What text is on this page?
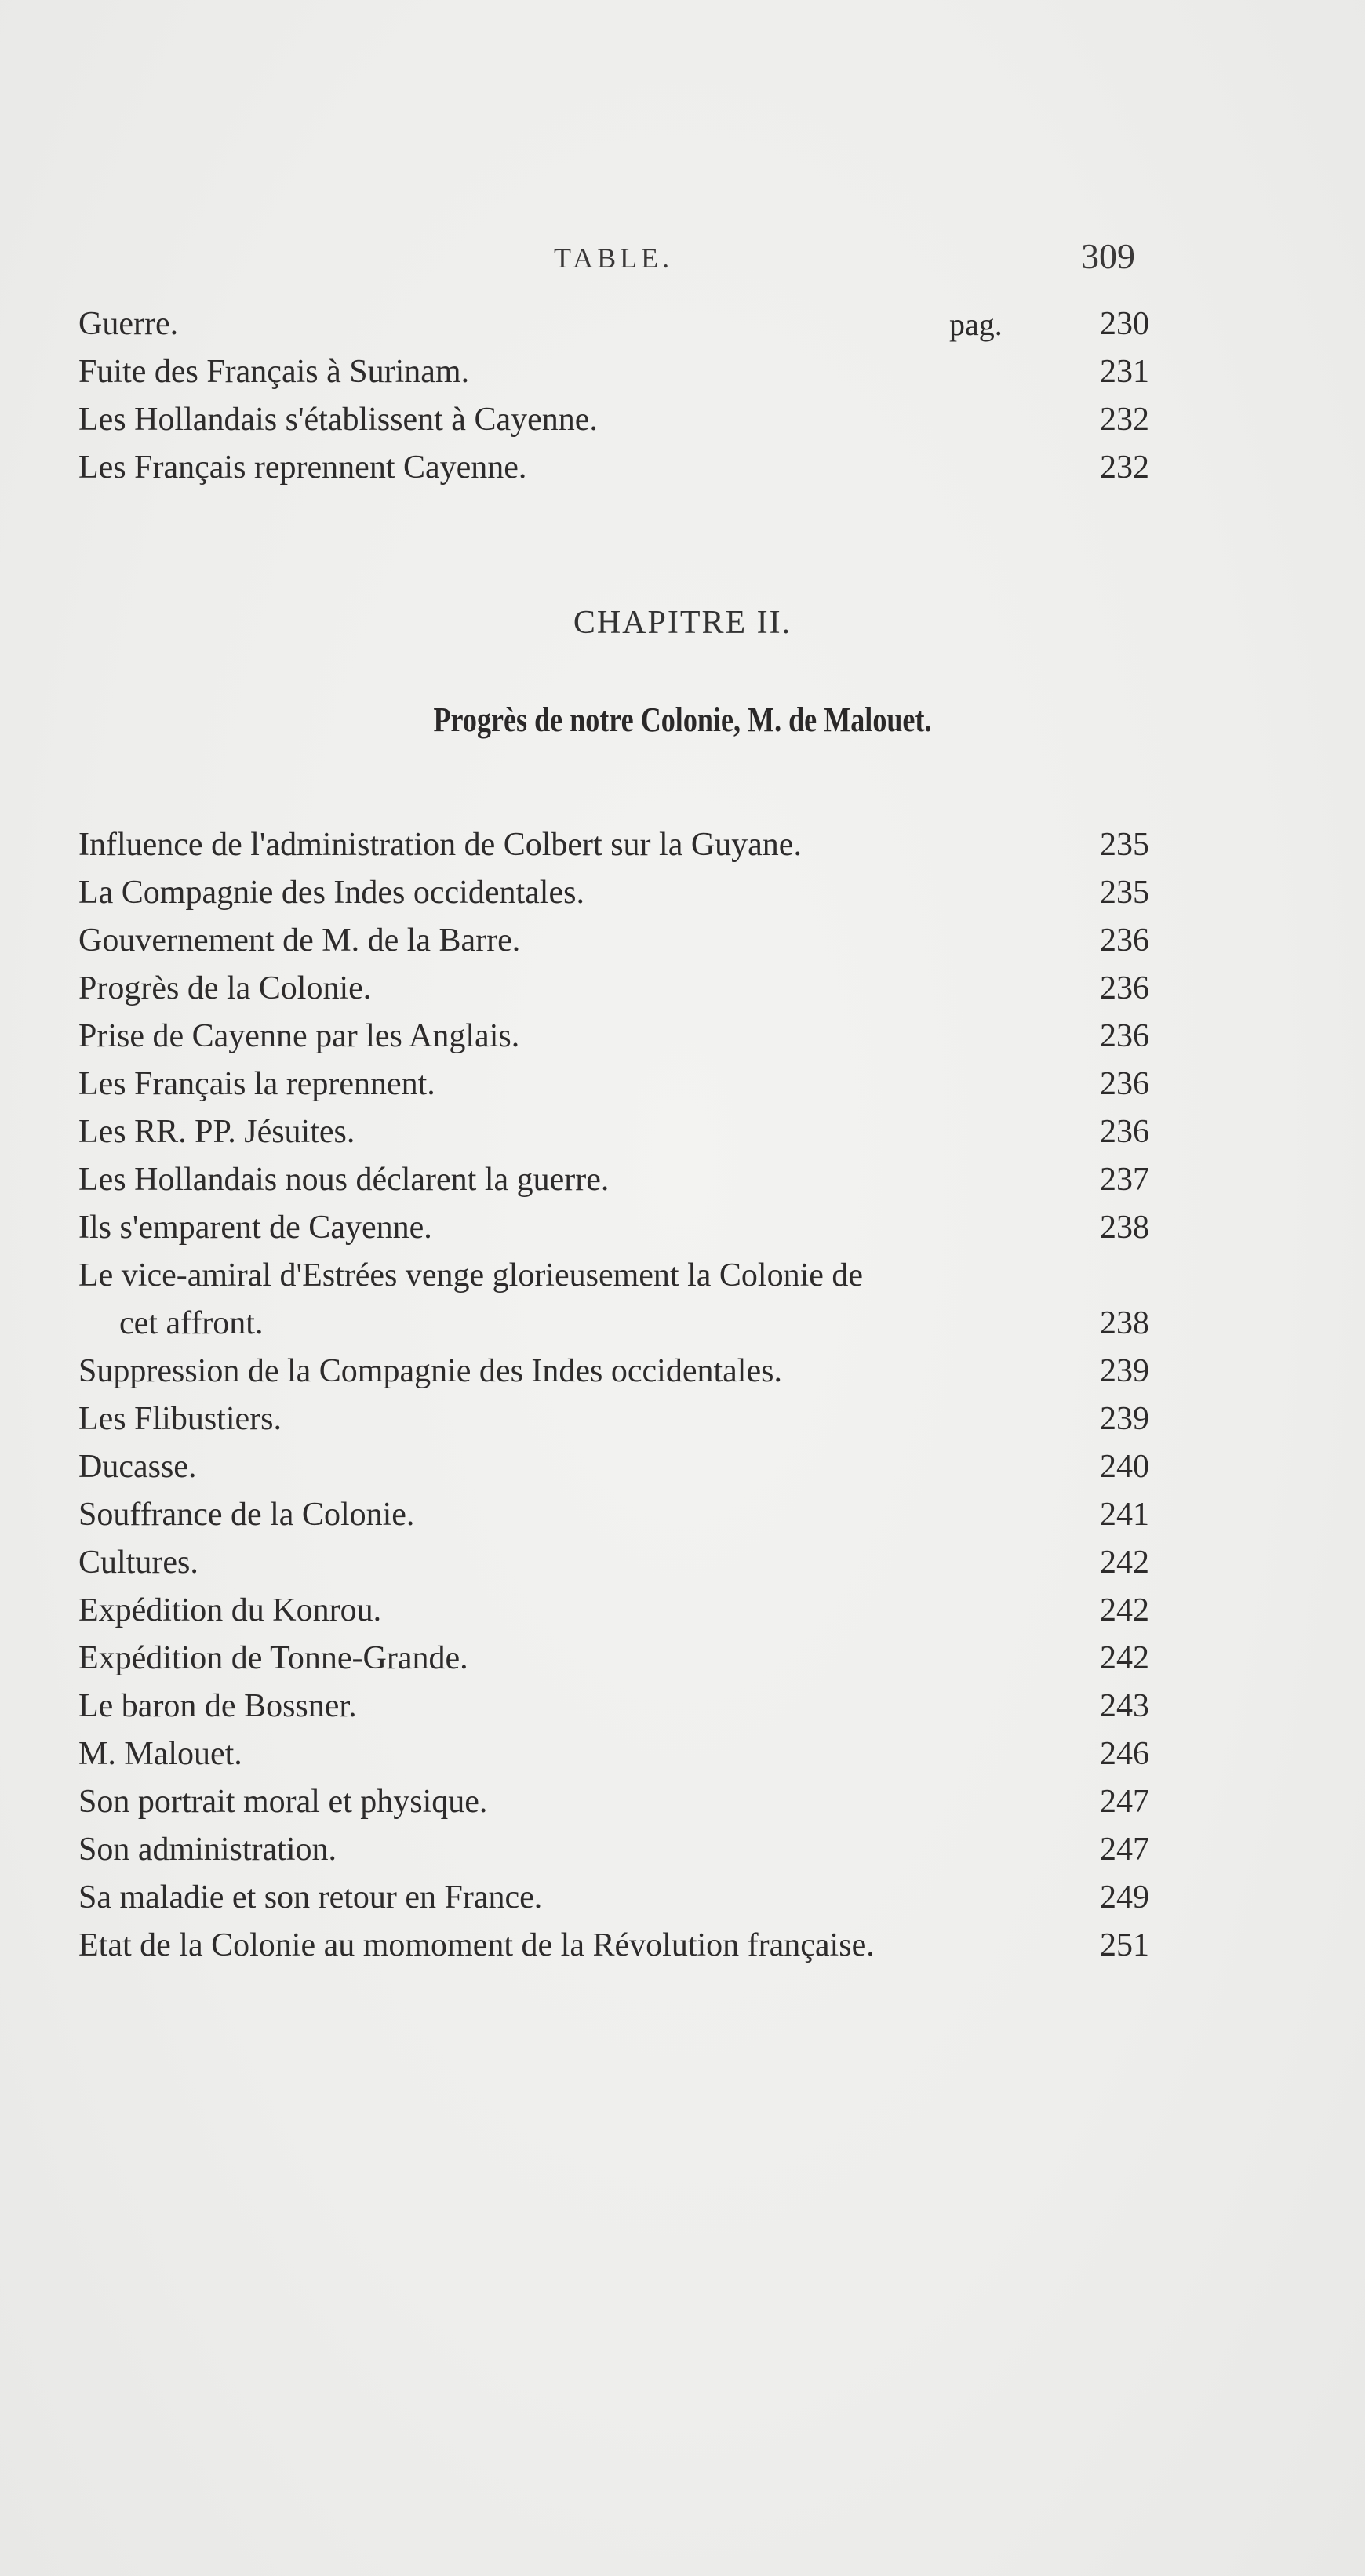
TABLE.	309
Guerre.	pag.	230
Fuite des Français à Surinam.	231
Les Hollandais s'établissent à Cayenne.	232
Les Français reprennent Cayenne.	232
CHAPITRE II.
Progrès de notre Colonie, M. de Malouet.
Influence de l'administration de Colbert sur la Guyane.	235
La Compagnie des Indes occidentales.	235
Gouvernement de M. de la Barre.	236
Progrès de la Colonie.	236
Prise de Cayenne par les Anglais.	236
Les Français la reprennent.	236
Les RR. PP. Jésuites.	236
Les Hollandais nous déclarent la guerre.	237
Ils s'emparent de Cayenne.	238
Le vice-amiral d'Estrées venge glorieusement la Colonie de
cet affront.	238
Suppression de la Compagnie des Indes occidentales.	239
Les Flibustiers.	239
Ducasse.	240
Souffrance de la Colonie.	241
Cultures.	242
Expédition du Konrou.	242
Expédition de Tonne-Grande.	242
Le baron de Bossner.	243
M. Malouet.	246
Son portrait moral et physique.	247
Son administration.	247
Sa maladie et son retour en France.	249
Etat de la Colonie au momoment de la Révolution française.	251
